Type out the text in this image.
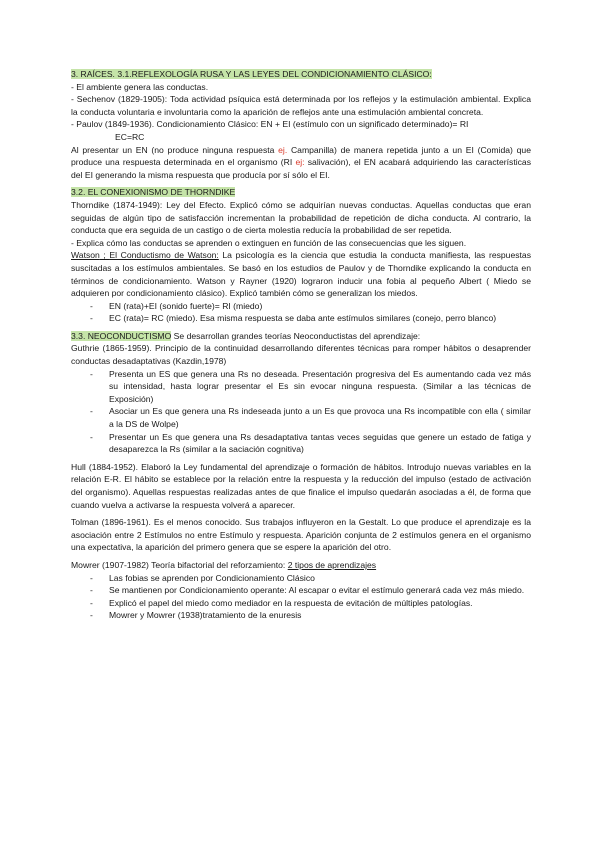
3. RAÍCES. 3.1.REFLEXOLOGÍA RUSA Y LAS LEYES DEL CONDICIONAMIENTO CLÁSICO:

- El ambiente genera las conductas.

- Sechenov (1829-1905): Toda actividad psíquica está determinada por los reflejos y la estimulación ambiental. Explica la conducta voluntaria e involuntaria como la aparición de reflejos ante una estimulación ambiental concreta.

- Paulov (1849-1936). Condicionamiento Clásico: EN + EI (estímulo con un significado determinado)= RI

EC=RC

Al presentar un EN (no produce ninguna respuesta ej. Campanilla) de manera repetida junto a un EI (Comida) que produce una respuesta determinada en el organismo (RI ej: salivación), el EN acabará adquiriendo las características del EI generando la misma respuesta que producía por sí sólo el EI.

3.2. EL CONEXIONISMO DE THORNDIKE

Thorndike (1874-1949): Ley del Efecto. Explicó cómo se adquirían nuevas conductas. Aquellas conductas que eran seguidas de algún tipo de satisfacción incrementan la probabilidad de repetición de dicha conducta. Al contrario, la conducta que era seguida de un castigo o de cierta molestia reducía la probabilidad de ser repetida.

- Explica cómo las conductas se aprenden o extinguen en función de las consecuencias que les siguen.

Watson ; El Conductismo de Watson: La psicología es la ciencia que estudia la conducta manifiesta, las respuestas suscitadas a los estímulos ambientales. Se basó en los estudios de Paulov y de Thorndike explicando la conducta en términos de condicionamiento. Watson y Rayner (1920) lograron inducir una fobia al pequeño Albert ( Miedo se adquieren por condicionamiento clásico). Explicó también cómo se generalizan los miedos.

- EN (rata)+EI (sonido fuerte)= RI (miedo)
- EC (rata)= RC (miedo). Esa misma respuesta se daba ante estímulos similares (conejo, perro blanco)

3.3. NEOCONDUCTISMO Se desarrollan grandes teorías Neoconductistas del aprendizaje:

Guthrie (1865-1959). Principio de la continuidad desarrollando diferentes técnicas para romper hábitos o desaprender conductas desadaptativas (Kazdin,1978)

- Presenta un ES que genera una Rs no deseada. Presentación progresiva del Es aumentando cada vez más su intensidad, hasta lograr presentar el Es sin evocar ninguna respuesta. (Similar a las técnicas de Exposición)
- Asociar un Es que genera una Rs indeseada junto a un Es que provoca una Rs incompatible con ella ( similar a la DS de Wolpe)
- Presentar un Es que genera una Rs desadaptativa tantas veces seguidas que genere un estado de fatiga y desaparezca la Rs (similar a la saciación cognitiva)

Hull (1884-1952). Elaboró la Ley fundamental del aprendizaje o formación de hábitos. Introdujo nuevas variables en la relación E-R. El hábito se establece por la relación entre la respuesta y la reducción del impulso (estado de activación del organismo). Aquellas respuestas realizadas antes de que finalice el impulso quedarán asociadas a él, de forma que cuando vuelva a activarse la respuesta volverá a aparecer.

Tolman (1896-1961). Es el menos conocido. Sus trabajos influyeron en la Gestalt. Lo que produce el aprendizaje es la asociación entre 2 Estímulos no entre Estímulo y respuesta. Aparición conjunta de 2 estímulos genera en el organismo una expectativa, la aparición del primero genera que se espere la aparición del otro.

Mowrer (1907-1982) Teoría bifactorial del reforzamiento: 2 tipos de aprendizajes

- Las fobias se aprenden por Condicionamiento Clásico
- Se mantienen por Condicionamiento operante: Al escapar o evitar el estímulo generará cada vez más miedo.
- Explicó el papel del miedo como mediador en la respuesta de evitación de múltiples patologías.
- Mowrer y Mowrer (1938)tratamiento de la enuresis
